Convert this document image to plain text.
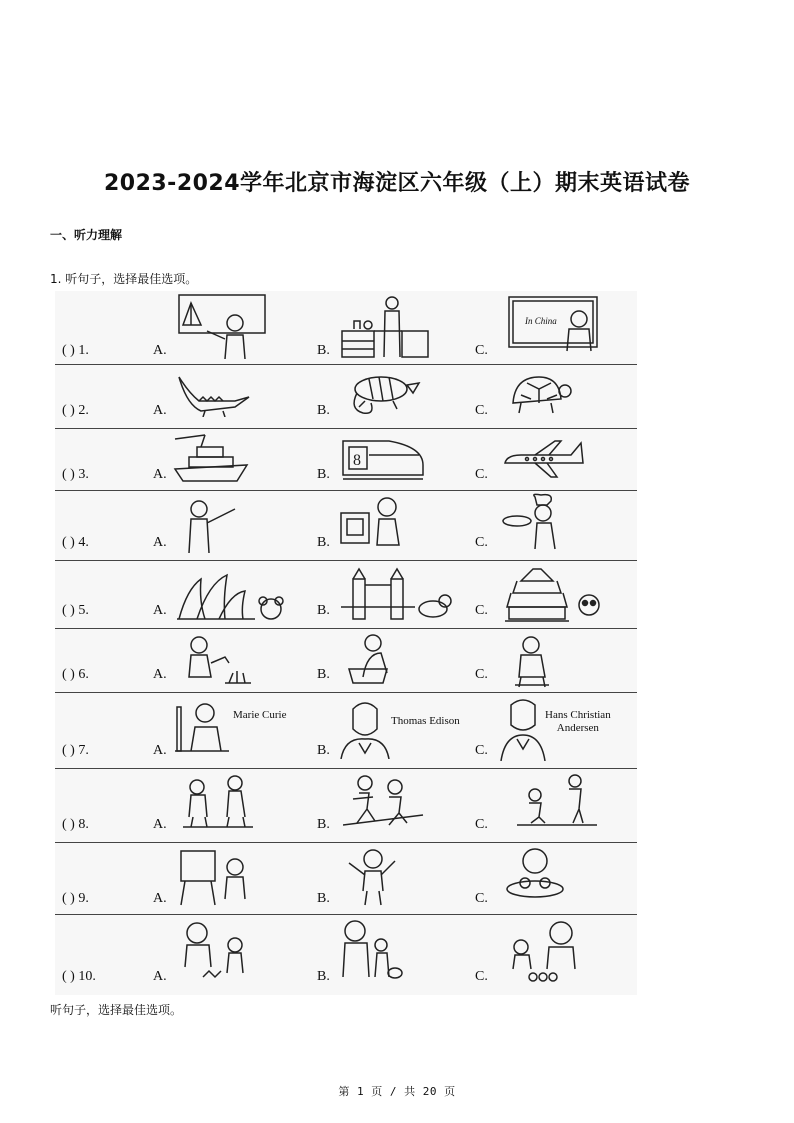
2023-2024学年北京市海淀区六年级（上）期末英语试卷
一、听力理解
1. 听句子，选择最佳选项。
( ) 1.	A.	B.	C.
In China
( ) 2.	A.	B.	C.
( ) 3.	A.	B.	C.
8
( ) 4.	A.	B.	C.
( ) 5.	A.	B.	C.
( ) 6.	A.	B.	C.
( ) 7.	A.	B.	C.
Marie Curie	Thomas Edison	Hans Christian
Andersen
( ) 8.	A.	B.	C.
( ) 9.	A.	B.	C.
( ) 10.	A.	B.	C.
听句子，选择最佳选项。
第 1 页 / 共 20 页
